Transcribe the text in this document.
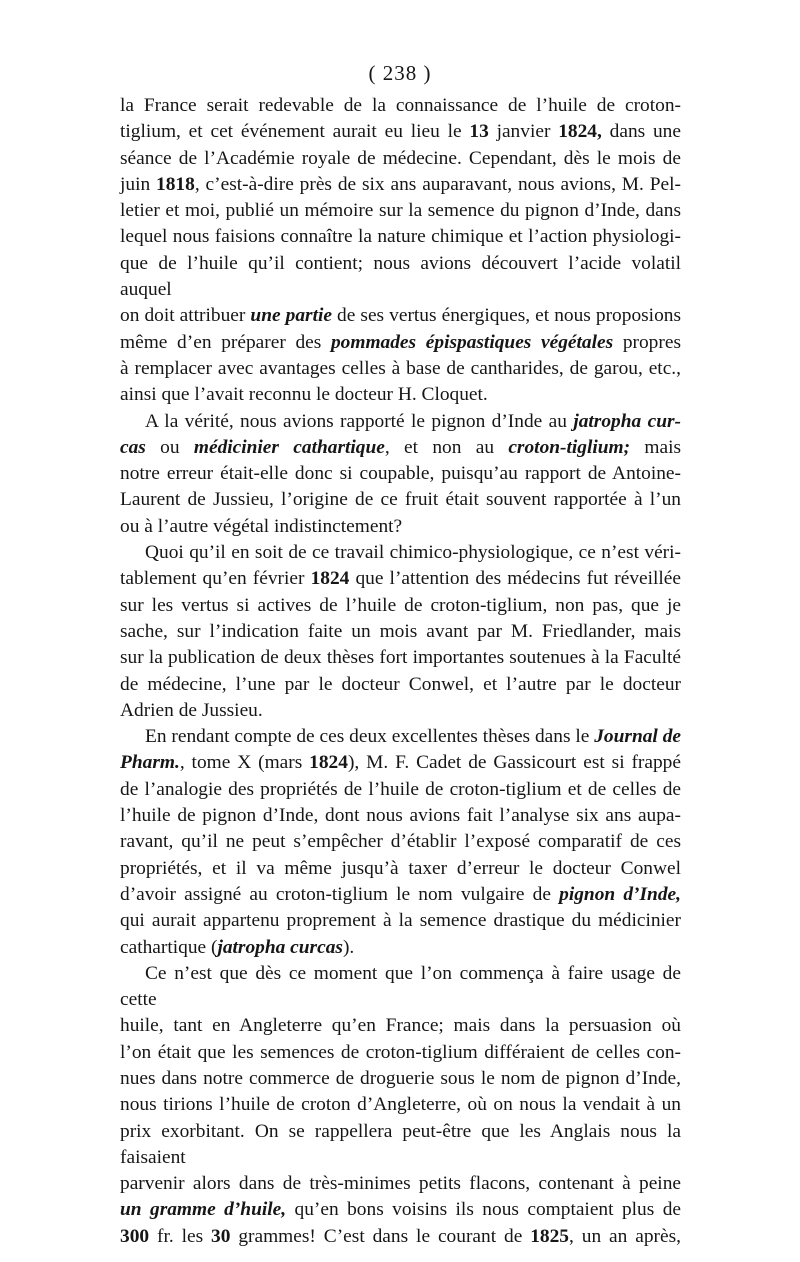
( 238 )

la France serait redevable de la connaissance de l’huile de croton-

tiglium, et cet événement aurait eu lieu le 13 janvier 1824, dans une

séance de l’Académie royale de médecine. Cependant, dès le mois de

juin 1818, c’est-à-dire près de six ans auparavant, nous avions, M. Pel-

letier et moi, publié un mémoire sur la semence du pignon d’Inde, dans

lequel nous faisions connaître la nature chimique et l’action physiologi-

que de l’huile qu’il contient; nous avions découvert l’acide volatil auquel

on doit attribuer une partie de ses vertus énergiques, et nous proposions

même d’en préparer des pommades épispastiques végétales propres

à remplacer avec avantages celles à base de cantharides, de garou, etc.,

ainsi que l’avait reconnu le docteur H. Cloquet.

A la vérité, nous avions rapporté le pignon d’Inde au jatropha cur-

cas ou médicinier cathartique, et non au croton-tiglium; mais

notre erreur était-elle donc si coupable, puisqu’au rapport de Antoine-

Laurent de Jussieu, l’origine de ce fruit était souvent rapportée à l’un

ou à l’autre végétal indistinctement?

Quoi qu’il en soit de ce travail chimico-physiologique, ce n’est véri-

tablement qu’en février 1824 que l’attention des médecins fut réveillée

sur les vertus si actives de l’huile de croton-tiglium, non pas, que je

sache, sur l’indication faite un mois avant par M. Friedlander, mais

sur la publication de deux thèses fort importantes soutenues à la Faculté

de médecine, l’une par le docteur Conwel, et l’autre par le docteur

Adrien de Jussieu.

En rendant compte de ces deux excellentes thèses dans le Journal de

Pharm., tome X (mars 1824), M. F. Cadet de Gassicourt est si frappé

de l’analogie des propriétés de l’huile de croton-tiglium et de celles de

l’huile de pignon d’Inde, dont nous avions fait l’analyse six ans aupa-

ravant, qu’il ne peut s’empêcher d’établir l’exposé comparatif de ces

propriétés, et il va même jusqu’à taxer d’erreur le docteur Conwel

d’avoir assigné au croton-tiglium le nom vulgaire de pignon d’Inde,

qui aurait appartenu proprement à la semence drastique du médicinier

cathartique (jatropha curcas).

Ce n’est que dès ce moment que l’on commença à faire usage de cette

huile, tant en Angleterre qu’en France; mais dans la persuasion où

l’on était que les semences de croton-tiglium différaient de celles con-

nues dans notre commerce de droguerie sous le nom de pignon d’Inde,

nous tirions l’huile de croton d’Angleterre, où on nous la vendait à un

prix exorbitant. On se rappellera peut-être que les Anglais nous la faisaient

parvenir alors dans de très-minimes petits flacons, contenant à peine

un gramme d’huile, qu’en bons voisins ils nous comptaient plus de

300 fr. les 30 grammes! C’est dans le courant de 1825, un an après,
